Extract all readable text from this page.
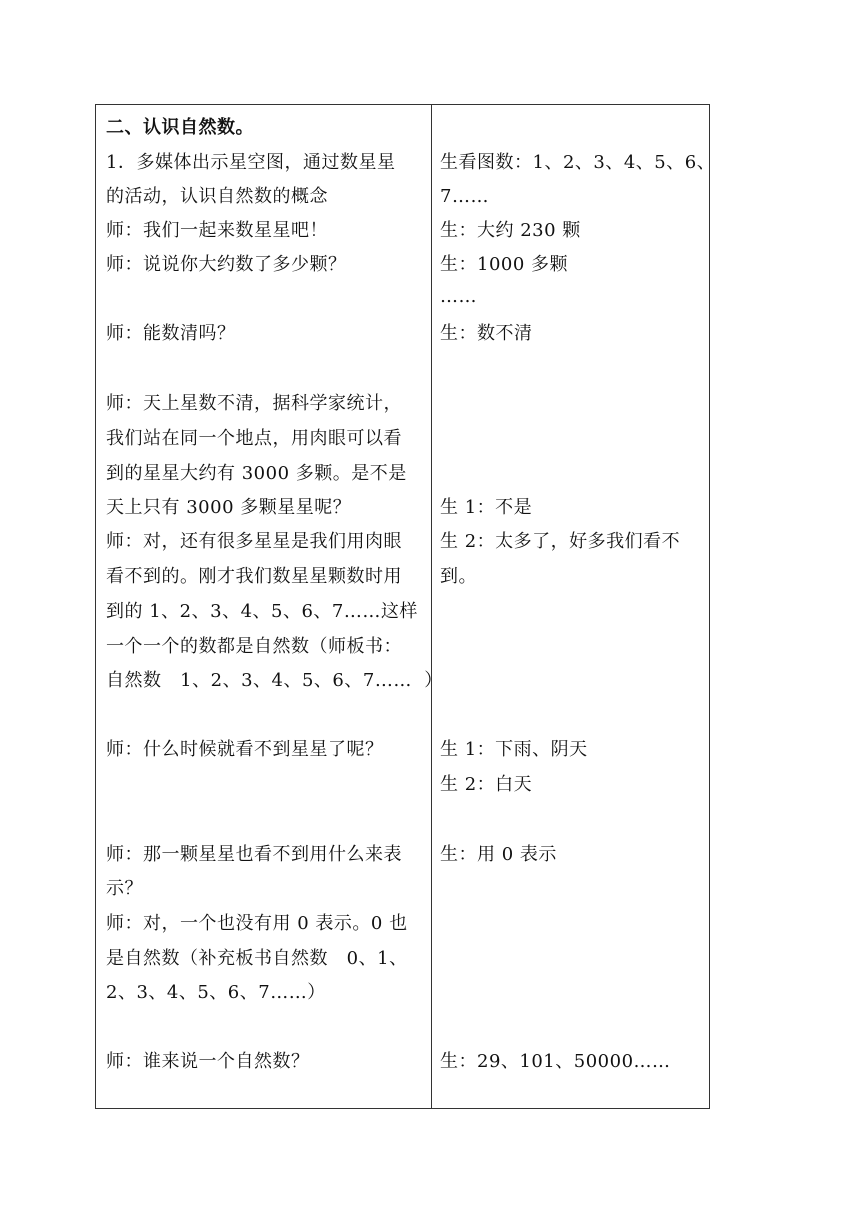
二、认识自然数。
1．多媒体出示星空图，通过数星星
的活动，认识自然数的概念
师：我们一起来数星星吧！
师：说说你大约数了多少颗？
师：能数清吗？
师：天上星数不清，据科学家统计，
我们站在同一个地点，用肉眼可以看
到的星星大约有 3000 多颗。是不是
天上只有 3000 多颗星星呢？
师：对，还有很多星星是我们用肉眼
看不到的。刚才我们数星星颗数时用
到的 1、2、3、4、5、6、7……这样
一个一个的数都是自然数（师板书：
自然数   1、2、3、4、5、6、7……  ）
师：什么时候就看不到星星了呢？
师：那一颗星星也看不到用什么来表
示？
师：对，一个也没有用 0 表示。0 也
是自然数（补充板书自然数   0、1、
2、3、4、5、6、7……）
师：谁来说一个自然数？
生看图数：1、2、3、4、5、6、
7……
生：大约 230 颗
生：1000 多颗
……
生：数不清
生 1：不是
生 2：太多了，好多我们看不
到。
生 1：下雨、阴天
生 2：白天
生：用 0 表示
生：29、101、50000……
